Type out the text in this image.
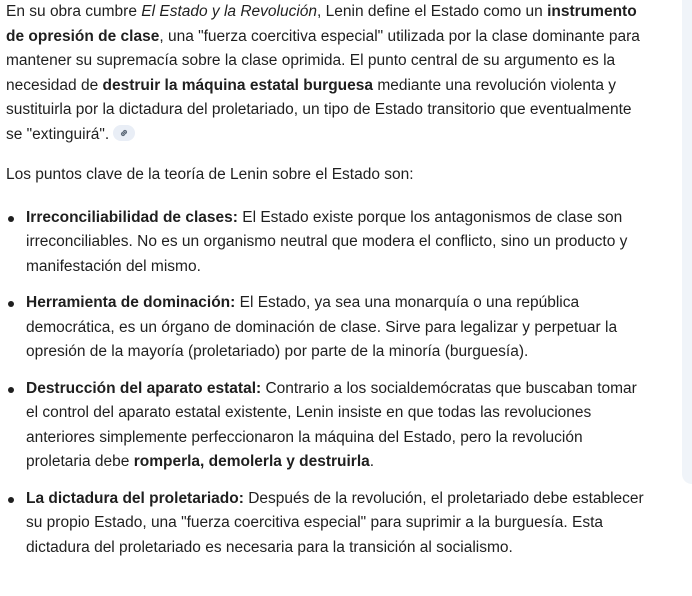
En su obra cumbre El Estado y la Revolución, Lenin define el Estado como un instrumento de opresión de clase, una "fuerza coercitiva especial" utilizada por la clase dominante para mantener su supremacía sobre la clase oprimida. El punto central de su argumento es la necesidad de destruir la máquina estatal burguesa mediante una revolución violenta y sustituirla por la dictadura del proletariado, un tipo de Estado transitorio que eventualmente se "extinguirá".

Los puntos clave de la teoría de Lenin sobre el Estado son:

Irreconciliabilidad de clases: El Estado existe porque los antagonismos de clase son irreconciliables. No es un organismo neutral que modera el conflicto, sino un producto y manifestación del mismo.
Herramienta de dominación: El Estado, ya sea una monarquía o una república democrática, es un órgano de dominación de clase. Sirve para legalizar y perpetuar la opresión de la mayoría (proletariado) por parte de la minoría (burguesía).
Destrucción del aparato estatal: Contrario a los socialdemócratas que buscaban tomar el control del aparato estatal existente, Lenin insiste en que todas las revoluciones anteriores simplemente perfeccionaron la máquina del Estado, pero la revolución proletaria debe romperla, demolerla y destruirla.
La dictadura del proletariado: Después de la revolución, el proletariado debe establecer su propio Estado, una "fuerza coercitiva especial" para suprimir a la burguesía. Esta dictadura del proletariado es necesaria para la transición al socialismo.
